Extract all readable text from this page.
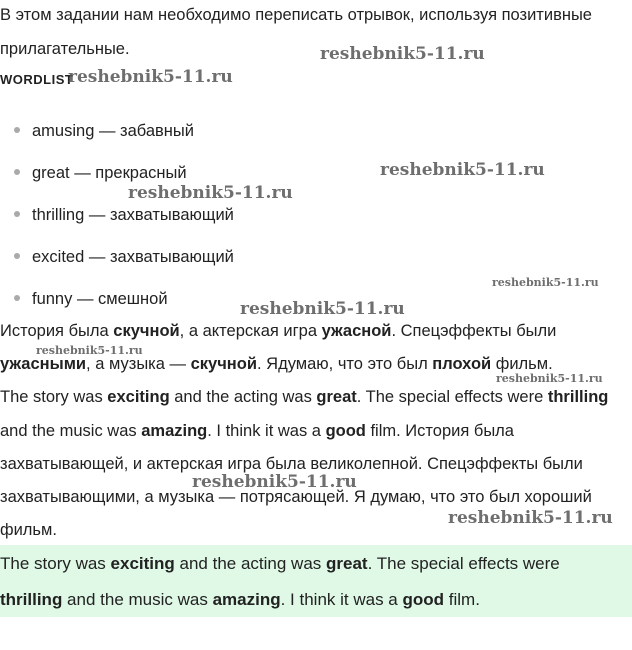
В этом задании нам необходимо переписать отрывок, используя позитивные
прилагательные.
WORDLIST
amusing — забавный
great — прекрасный
thrilling — захватывающий
excited — захватывающий
funny — смешной
История была скучной, а актерская игра ужасной. Спецэффекты были
ужасными, а музыка — скучной. Ядумаю, что это был плохой фильм.
The story was exciting and the acting was great. The special effects were thrilling
and the music was amazing. I think it was a good film. История была
захватывающей, и актерская игра была великолепной. Спецэффекты были
захватывающими, а музыка — потрясающей. Я думаю, что это был хороший
фильм.
The story was exciting and the acting was great. The special effects were
thrilling and the music was amazing. I think it was a good film.
reshebnik5-11.ru
reshebnik5-11.ru
reshebnik5-11.ru
reshebnik5-11.ru
reshebnik5-11.ru
reshebnik5-11.ru
reshebnik5-11.ru
reshebnik5-11.ru
reshebnik5-11.ru
reshebnik5-11.ru
